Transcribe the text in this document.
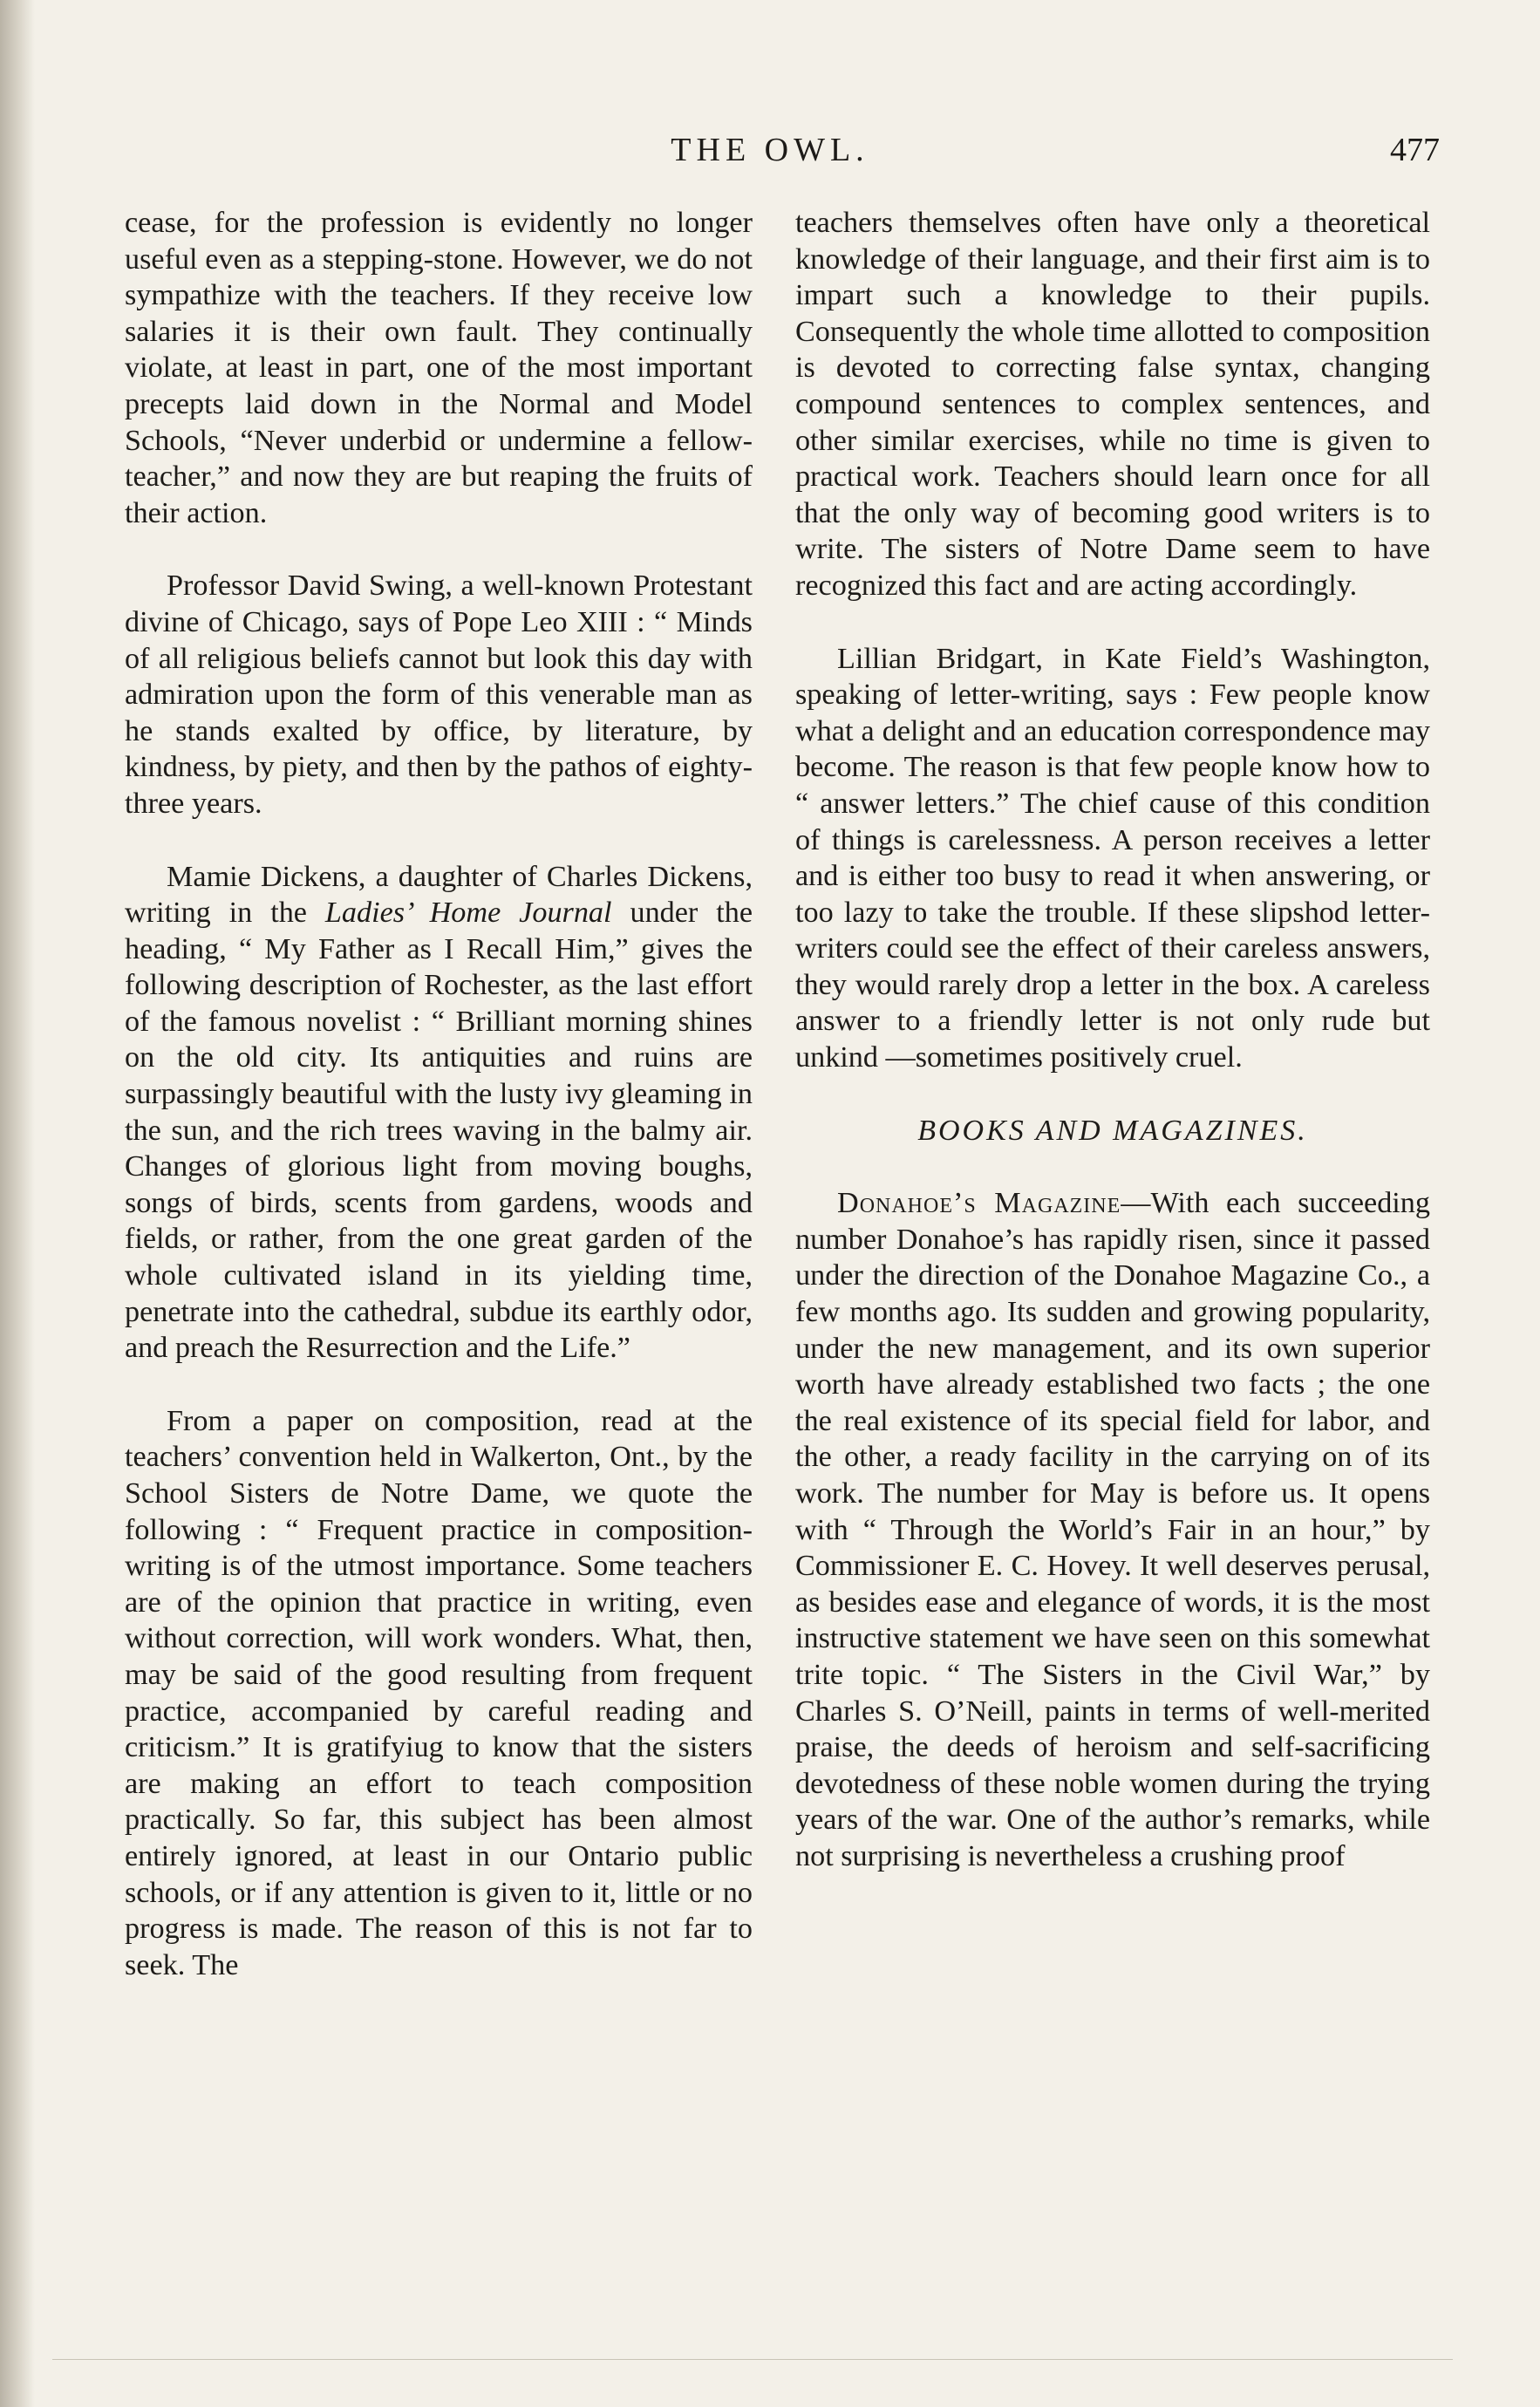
THE OWL.	477

cease, for the profession is evidently no longer useful even as a stepping-stone. However, we do not sympathize with the teachers. If they receive low salaries it is their own fault. They continually violate, at least in part, one of the most important precepts laid down in the Normal and Model Schools, “Never underbid or undermine a fellow-teacher,” and now they are but reaping the fruits of their action.

Professor David Swing, a well-known Protestant divine of Chicago, says of Pope Leo XIII : “ Minds of all religious beliefs cannot but look this day with admiration upon the form of this venerable man as he stands exalted by office, by literature, by kindness, by piety, and then by the pathos of eighty-three years.

Mamie Dickens, a daughter of Charles Dickens, writing in the Ladies’ Home Journal under the heading, “ My Father as I Recall Him,” gives the following description of Rochester, as the last effort of the famous novelist : “ Brilliant morning shines on the old city. Its antiquities and ruins are surpassingly beautiful with the lusty ivy gleaming in the sun, and the rich trees waving in the balmy air. Changes of glorious light from moving boughs, songs of birds, scents from gardens, woods and fields, or rather, from the one great garden of the whole cultivated island in its yielding time, penetrate into the cathedral, subdue its earthly odor, and preach the Resurrection and the Life.”

From a paper on composition, read at the teachers’ convention held in Walkerton, Ont., by the School Sisters de Notre Dame, we quote the following : “ Frequent practice in composition-writing is of the utmost importance. Some teachers are of the opinion that practice in writing, even without correction, will work wonders. What, then, may be said of the good resulting from frequent practice, accompanied by careful reading and criticism.” It is gratifyiug to know that the sisters are making an effort to teach composition practically. So far, this subject has been almost entirely ignored, at least in our Ontario public schools, or if any attention is given to it, little or no progress is made. The reason of this is not far to seek. The

teachers themselves often have only a theoretical knowledge of their language, and their first aim is to impart such a knowledge to their pupils. Consequently the whole time allotted to composition is devoted to correcting false syntax, changing compound sentences to complex sentences, and other similar exercises, while no time is given to practical work. Teachers should learn once for all that the only way of becoming good writers is to write. The sisters of Notre Dame seem to have recognized this fact and are acting accordingly.

Lillian Bridgart, in Kate Field’s Washington, speaking of letter-writing, says : Few people know what a delight and an education correspondence may become. The reason is that few people know how to “ answer letters.” The chief cause of this condition of things is carelessness. A person receives a letter and is either too busy to read it when answering, or too lazy to take the trouble. If these slipshod letter-writers could see the effect of their careless answers, they would rarely drop a letter in the box. A careless answer to a friendly letter is not only rude but unkind —sometimes positively cruel.

BOOKS AND MAGAZINES.

Donahoe’s Magazine—With each succeeding number Donahoe’s has rapidly risen, since it passed under the direction of the Donahoe Magazine Co., a few months ago. Its sudden and growing popularity, under the new management, and its own superior worth have already established two facts ; the one the real existence of its special field for labor, and the other, a ready facility in the carrying on of its work. The number for May is before us. It opens with “ Through the World’s Fair in an hour,” by Commissioner E. C. Hovey. It well deserves perusal, as besides ease and elegance of words, it is the most instructive statement we have seen on this somewhat trite topic. “ The Sisters in the Civil War,” by Charles S. O’Neill, paints in terms of well-merited praise, the deeds of heroism and self-sacrificing devotedness of these noble women during the trying years of the war. One of the author’s remarks, while not surprising is nevertheless a crushing proof
